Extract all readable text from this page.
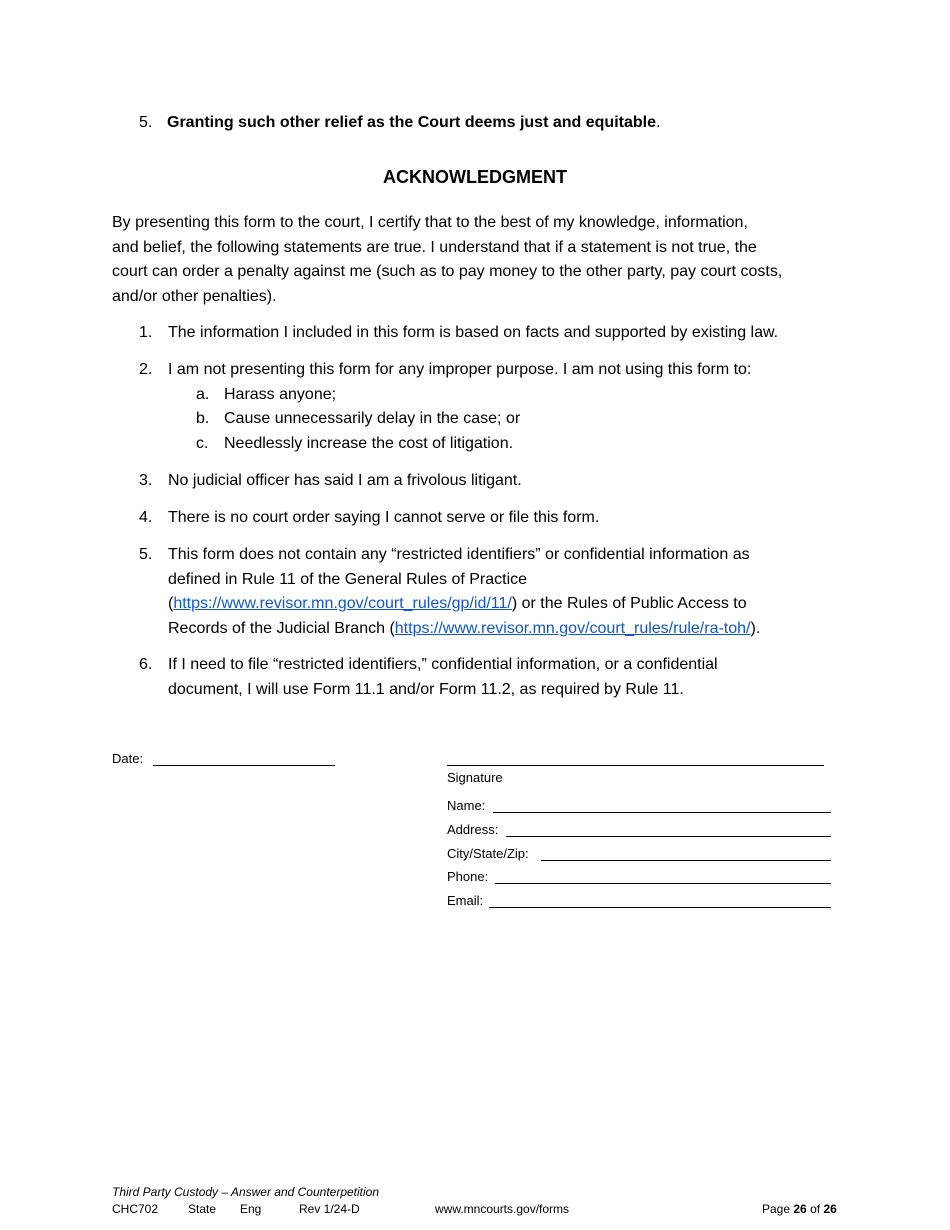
5. Granting such other relief as the Court deems just and equitable.
ACKNOWLEDGMENT
By presenting this form to the court, I certify that to the best of my knowledge, information,
and belief, the following statements are true. I understand that if a statement is not true, the
court can order a penalty against me (such as to pay money to the other party, pay court costs,
and/or other penalties).
1. The information I included in this form is based on facts and supported by existing law.
2. I am not presenting this form for any improper purpose. I am not using this form to:
a. Harass anyone;
b. Cause unnecessarily delay in the case; or
c. Needlessly increase the cost of litigation.
3. No judicial officer has said I am a frivolous litigant.
4. There is no court order saying I cannot serve or file this form.
5. This form does not contain any “restricted identifiers” or confidential information as
defined in Rule 11 of the General Rules of Practice
(https://www.revisor.mn.gov/court_rules/gp/id/11/) or the Rules of Public Access to
Records of the Judicial Branch (https://www.revisor.mn.gov/court_rules/rule/ra-toh/).
6. If I need to file “restricted identifiers,” confidential information, or a confidential
document, I will use Form 11.1 and/or Form 11.2, as required by Rule 11.
Date:
Signature
Name:
Address:
City/State/Zip:
Phone:
Email:
Third Party Custody – Answer and Counterpetition
CHC702 State Eng	Rev 1/24-D	www.mncourts.gov/forms	Page 26 of 26
